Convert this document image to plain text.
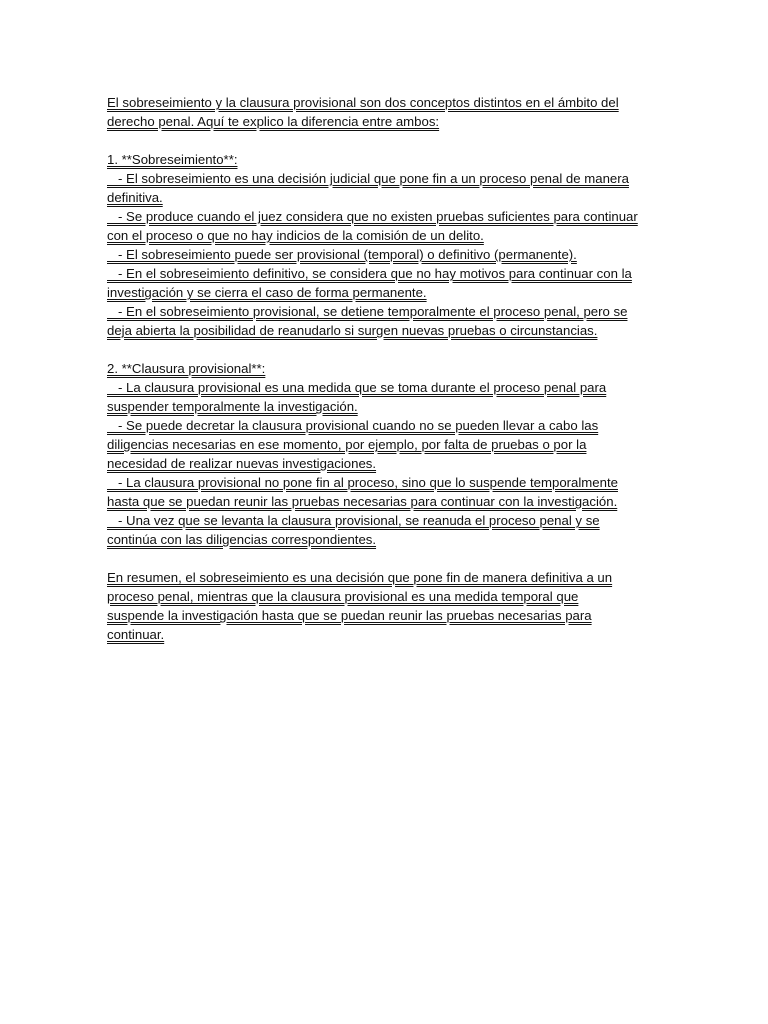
El sobreseimiento y la clausura provisional son dos conceptos distintos en el ámbito del
derecho penal. Aquí te explico la diferencia entre ambos:

1. **Sobreseimiento**:
- El sobreseimiento es una decisión judicial que pone fin a un proceso penal de manera
definitiva.
- Se produce cuando el juez considera que no existen pruebas suficientes para continuar
con el proceso o que no hay indicios de la comisión de un delito.
- El sobreseimiento puede ser provisional (temporal) o definitivo (permanente).
- En el sobreseimiento definitivo, se considera que no hay motivos para continuar con la
investigación y se cierra el caso de forma permanente.
- En el sobreseimiento provisional, se detiene temporalmente el proceso penal, pero se
deja abierta la posibilidad de reanudarlo si surgen nuevas pruebas o circunstancias.

2. **Clausura provisional**:
- La clausura provisional es una medida que se toma durante el proceso penal para
suspender temporalmente la investigación.
- Se puede decretar la clausura provisional cuando no se pueden llevar a cabo las
diligencias necesarias en ese momento, por ejemplo, por falta de pruebas o por la
necesidad de realizar nuevas investigaciones.
- La clausura provisional no pone fin al proceso, sino que lo suspende temporalmente
hasta que se puedan reunir las pruebas necesarias para continuar con la investigación.
- Una vez que se levanta la clausura provisional, se reanuda el proceso penal y se
continúa con las diligencias correspondientes.

En resumen, el sobreseimiento es una decisión que pone fin de manera definitiva a un
proceso penal, mientras que la clausura provisional es una medida temporal que
suspende la investigación hasta que se puedan reunir las pruebas necesarias para
continuar.
